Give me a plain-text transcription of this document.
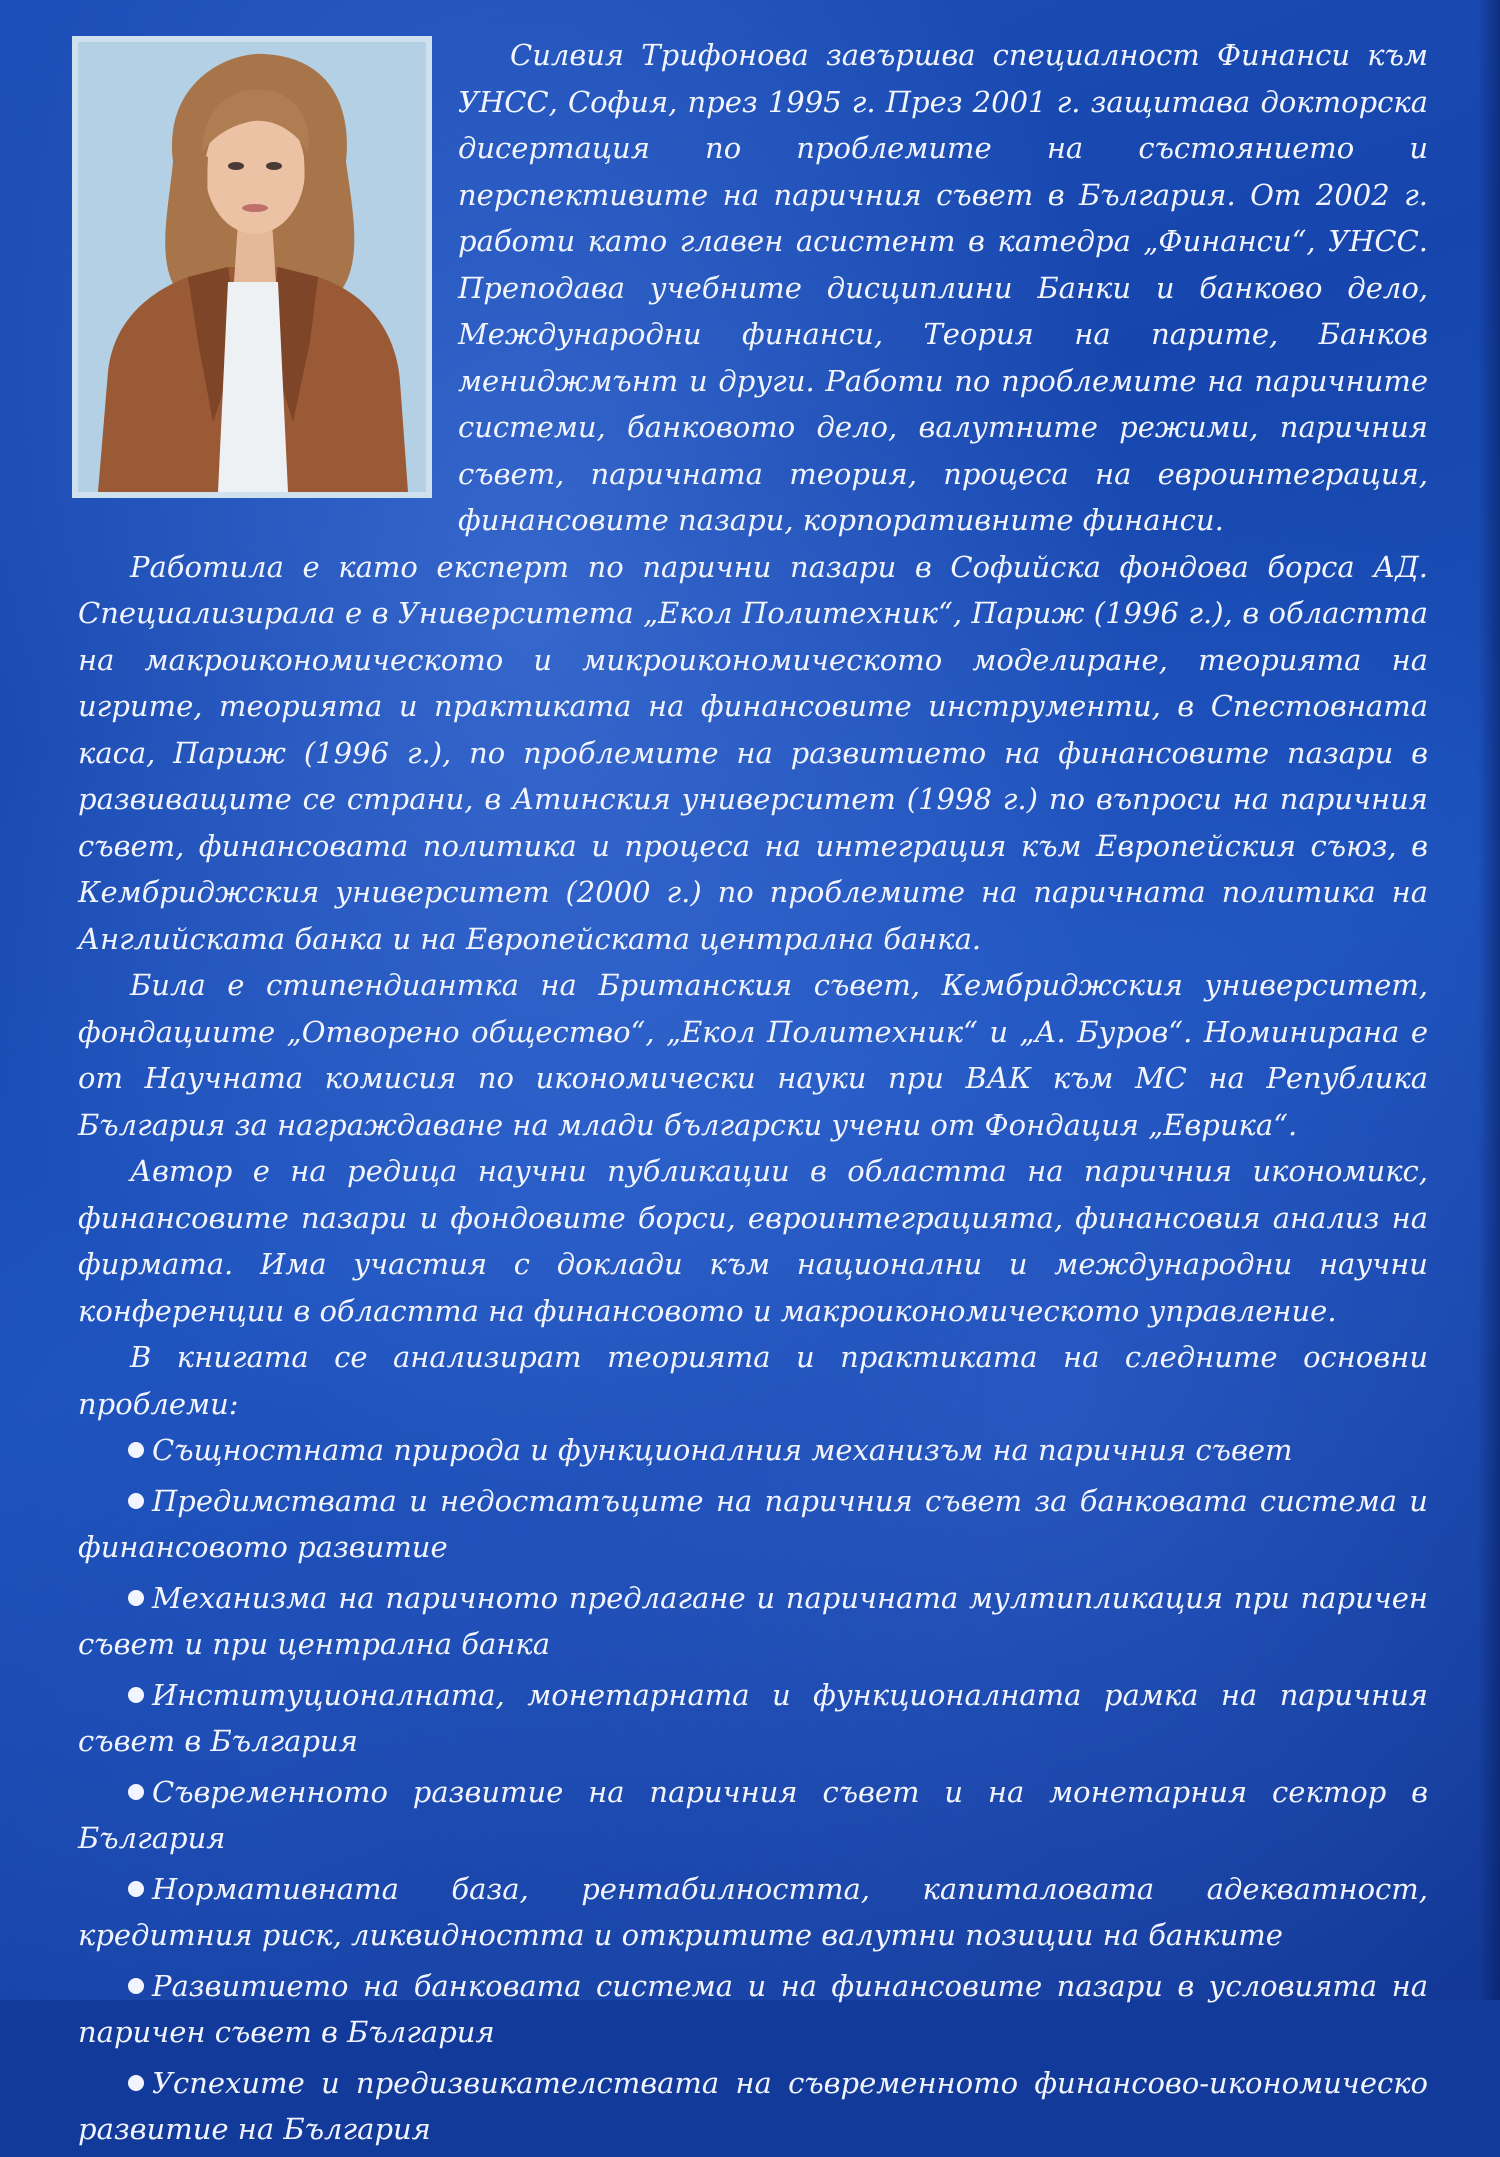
Силвия Трифонова завършва специалност Финанси към УНСС, София, през 1995 г. През 2001 г. защитава докторска дисертация по проблемите на състоянието и перспективите на паричния съвет в България. От 2002 г. работи като главен асистент в катедра „Финанси“, УНСС. Преподава учебните дисциплини Банки и банково дело, Международни финанси, Теория на парите, Банков мениджмънт и други. Работи по проблемите на паричните системи, банковото дело, валутните режими, паричния съвет, паричната теория, процеса на евроинтеграция, финансовите пазари, корпоративните финанси.

Работила е като експерт по парични пазари в Софийска фондова борса АД. Специализирала е в Университета „Екол Политехник“, Париж (1996 г.), в областта на макроикономическото и микроикономическото моделиране, теорията на игрите, теорията и практиката на финансовите инструменти, в Спестовната каса, Париж (1996 г.), по проблемите на развитието на финансовите пазари в развиващите се страни, в Атинския университет (1998 г.) по въпроси на паричния съвет, финансовата политика и процеса на интеграция към Европейския съюз, в Кембриджския университет (2000 г.) по проблемите на паричната политика на Английската банка и на Европейската централна банка.

Била е стипендиантка на Британския съвет, Кембриджския университет, фондациите „Отворено общество“, „Екол Политехник“ и „А. Буров“. Номинирана е от Научната комисия по икономически науки при ВАК към МС на Република България за награждаване на млади български учени от Фондация „Еврика“.

Автор е на редица научни публикации в областта на паричния икономикс, финансовите пазари и фондовите борси, евроинтеграцията, финансовия анализ на фирмата. Има участия с доклади към национални и международни научни конференции в областта на финансовото и макроикономическото управление.

В книгата се анализират теорията и практиката на следните основни проблеми:

Същностната природа и функционалния механизъм на паричния съвет
Предимствата и недостатъците на паричния съвет за банковата система и финансовото развитие
Механизма на паричното предлагане и паричната мултипликация при паричен съвет и при централна банка
Институционалната, монетарната и функционалната рамка на паричния съвет в България
Съвременното развитие на паричния съвет и на монетарния сектор в България
Нормативната база, рентабилността, капиталовата адекватност, кредитния риск, ликвидността и откритите валутни позиции на банките
Развитието на банковата система и на финансовите пазари в условията на паричен съвет в България
Успехите и предизвикателствата на съвременното финансово-икономическо развитие на България
